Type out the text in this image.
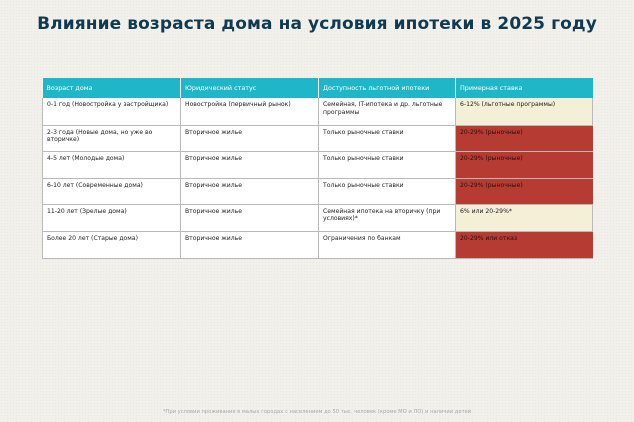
Влияние возраста дома на условия ипотеки в 2025 году
Возраст дома	Юридический статус	Доступность льготной ипотеки	Примерная ставка
0-1 год (Новостройка у застройщика)	Новостройка (первичный рынок)	Семейная, IT-ипотека и др. льготные программы	6-12% (льготные программы)
2-3 года (Новые дома, но уже во вторичке)	Вторичное жилье	Только рыночные ставки	20-29% (рыночные)
4-5 лет (Молодые дома)	Вторичное жилье	Только рыночные ставки	20-29% (рыночные)
6-10 лет (Современные дома)	Вторичное жилье	Только рыночные ставки	20-29% (рыночные)
11-20 лет (Зрелые дома)	Вторичное жилье	Семейная ипотека на вторичку (при условиях)*	6% или 20-29%*
Более 20 лет (Старые дома)	Вторичное жилье	Ограничения по банкам	20-29% или отказ
*При условии проживания в малых городах с населением до 50 тыс. человек (кроме МО и ЛО) и наличии детей
